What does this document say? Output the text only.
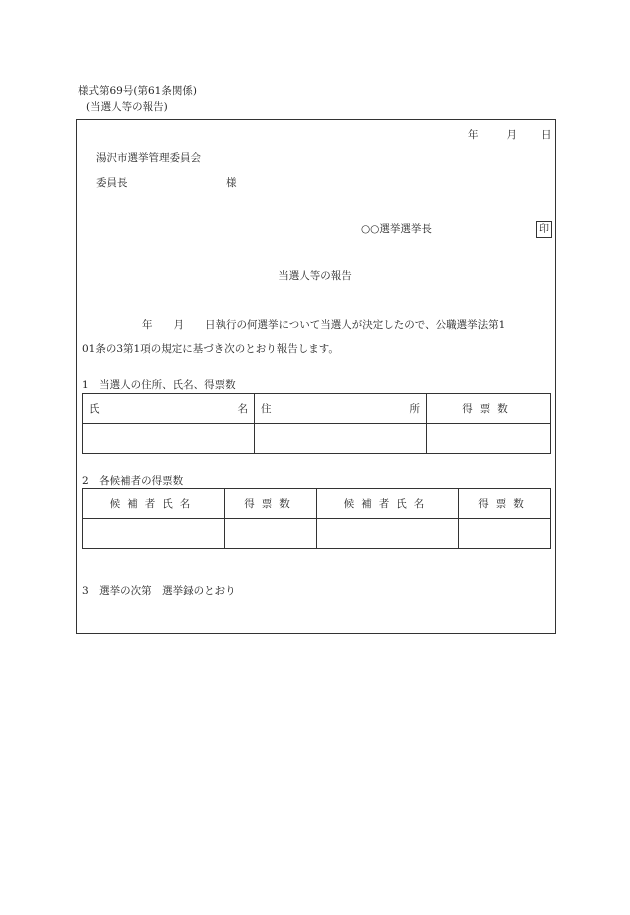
様式第69号(第61条関係)
(当選人等の報告)
年	月 日
湯沢市選挙管理委員会
委員長	様
○○選挙選挙長	印
当選人等の報告
年　　月　　日執行の何選挙について当選人が決定したので、公職選挙法第1
01条の3第1項の規定に基づき次のとおり報告します。
1　当選人の住所、氏名、得票数
氏 名	住 所	得票数

2　各候補者の得票数
候補者氏名	得票数	候補者氏名	得票数

3　選挙の次第　選挙録のとおり
